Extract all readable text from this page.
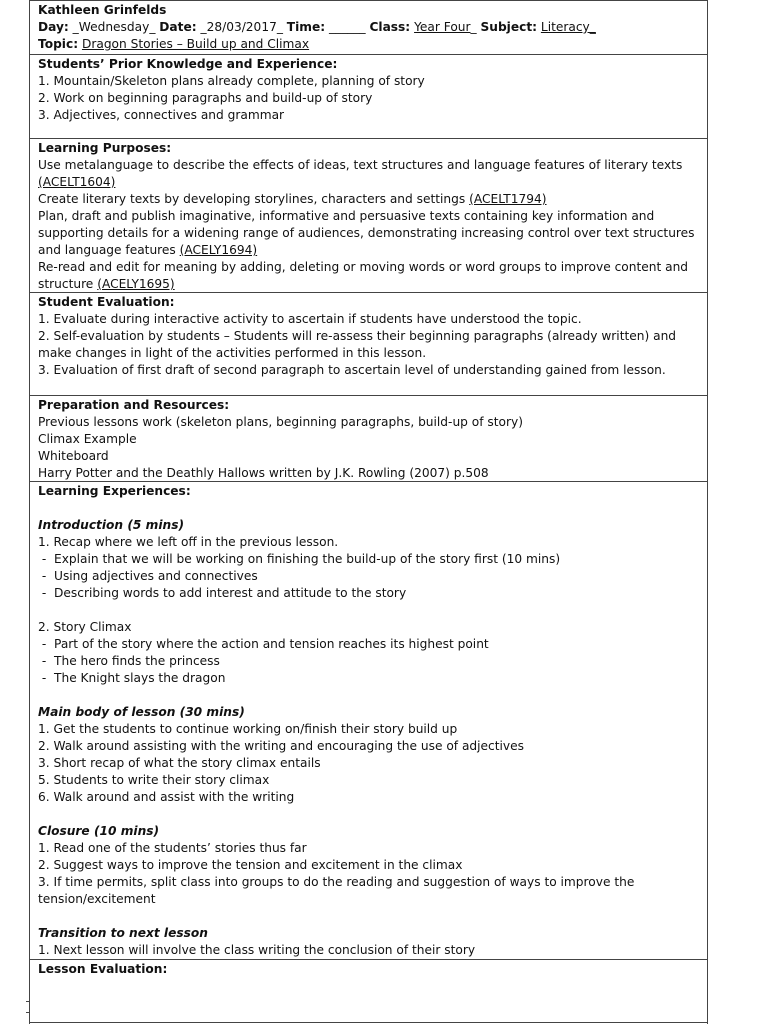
Kathleen Grinfelds
Day: _Wednesday_ Date: _28/03/2017_ Time: ______ Class: Year Four_ Subject: Literacy_
Topic: Dragon Stories – Build up and Climax
Students’ Prior Knowledge and Experience:
1. Mountain/Skeleton plans already complete, planning of story
2. Work on beginning paragraphs and build-up of story
3. Adjectives, connectives and grammar
Learning Purposes:
Use metalanguage to describe the effects of ideas, text structures and language features of literary texts (ACELT1604)
Create literary texts by developing storylines, characters and settings (ACELT1794)
Plan, draft and publish imaginative, informative and persuasive texts containing key information and supporting details for a widening range of audiences, demonstrating increasing control over text structures and language features (ACELY1694)
Re-read and edit for meaning by adding, deleting or moving words or word groups to improve content and structure (ACELY1695)
Student Evaluation:
1. Evaluate during interactive activity to ascertain if students have understood the topic.
2. Self-evaluation by students – Students will re-assess their beginning paragraphs (already written) and make changes in light of the activities performed in this lesson.
3. Evaluation of first draft of second paragraph to ascertain level of understanding gained from lesson.
Preparation and Resources:
Previous lessons work (skeleton plans, beginning paragraphs, build-up of story)
Climax Example
Whiteboard
Harry Potter and the Deathly Hallows written by J.K. Rowling (2007) p.508
Learning Experiences:
Introduction (5 mins)
1. Recap where we left off in the previous lesson.
-  Explain that we will be working on finishing the build-up of the story first (10 mins)
-  Using adjectives and connectives
-  Describing words to add interest and attitude to the story
2. Story Climax
-  Part of the story where the action and tension reaches its highest point
-  The hero finds the princess
-  The Knight slays the dragon
Main body of lesson (30 mins)
1. Get the students to continue working on/finish their story build up
2. Walk around assisting with the writing and encouraging the use of adjectives
3. Short recap of what the story climax entails
5. Students to write their story climax
6. Walk around and assist with the writing
Closure (10 mins)
1. Read one of the students’ stories thus far
2. Suggest ways to improve the tension and excitement in the climax
3. If time permits, split class into groups to do the reading and suggestion of ways to improve the tension/excitement
Transition to next lesson
1. Next lesson will involve the class writing the conclusion of their story
Lesson Evaluation:
